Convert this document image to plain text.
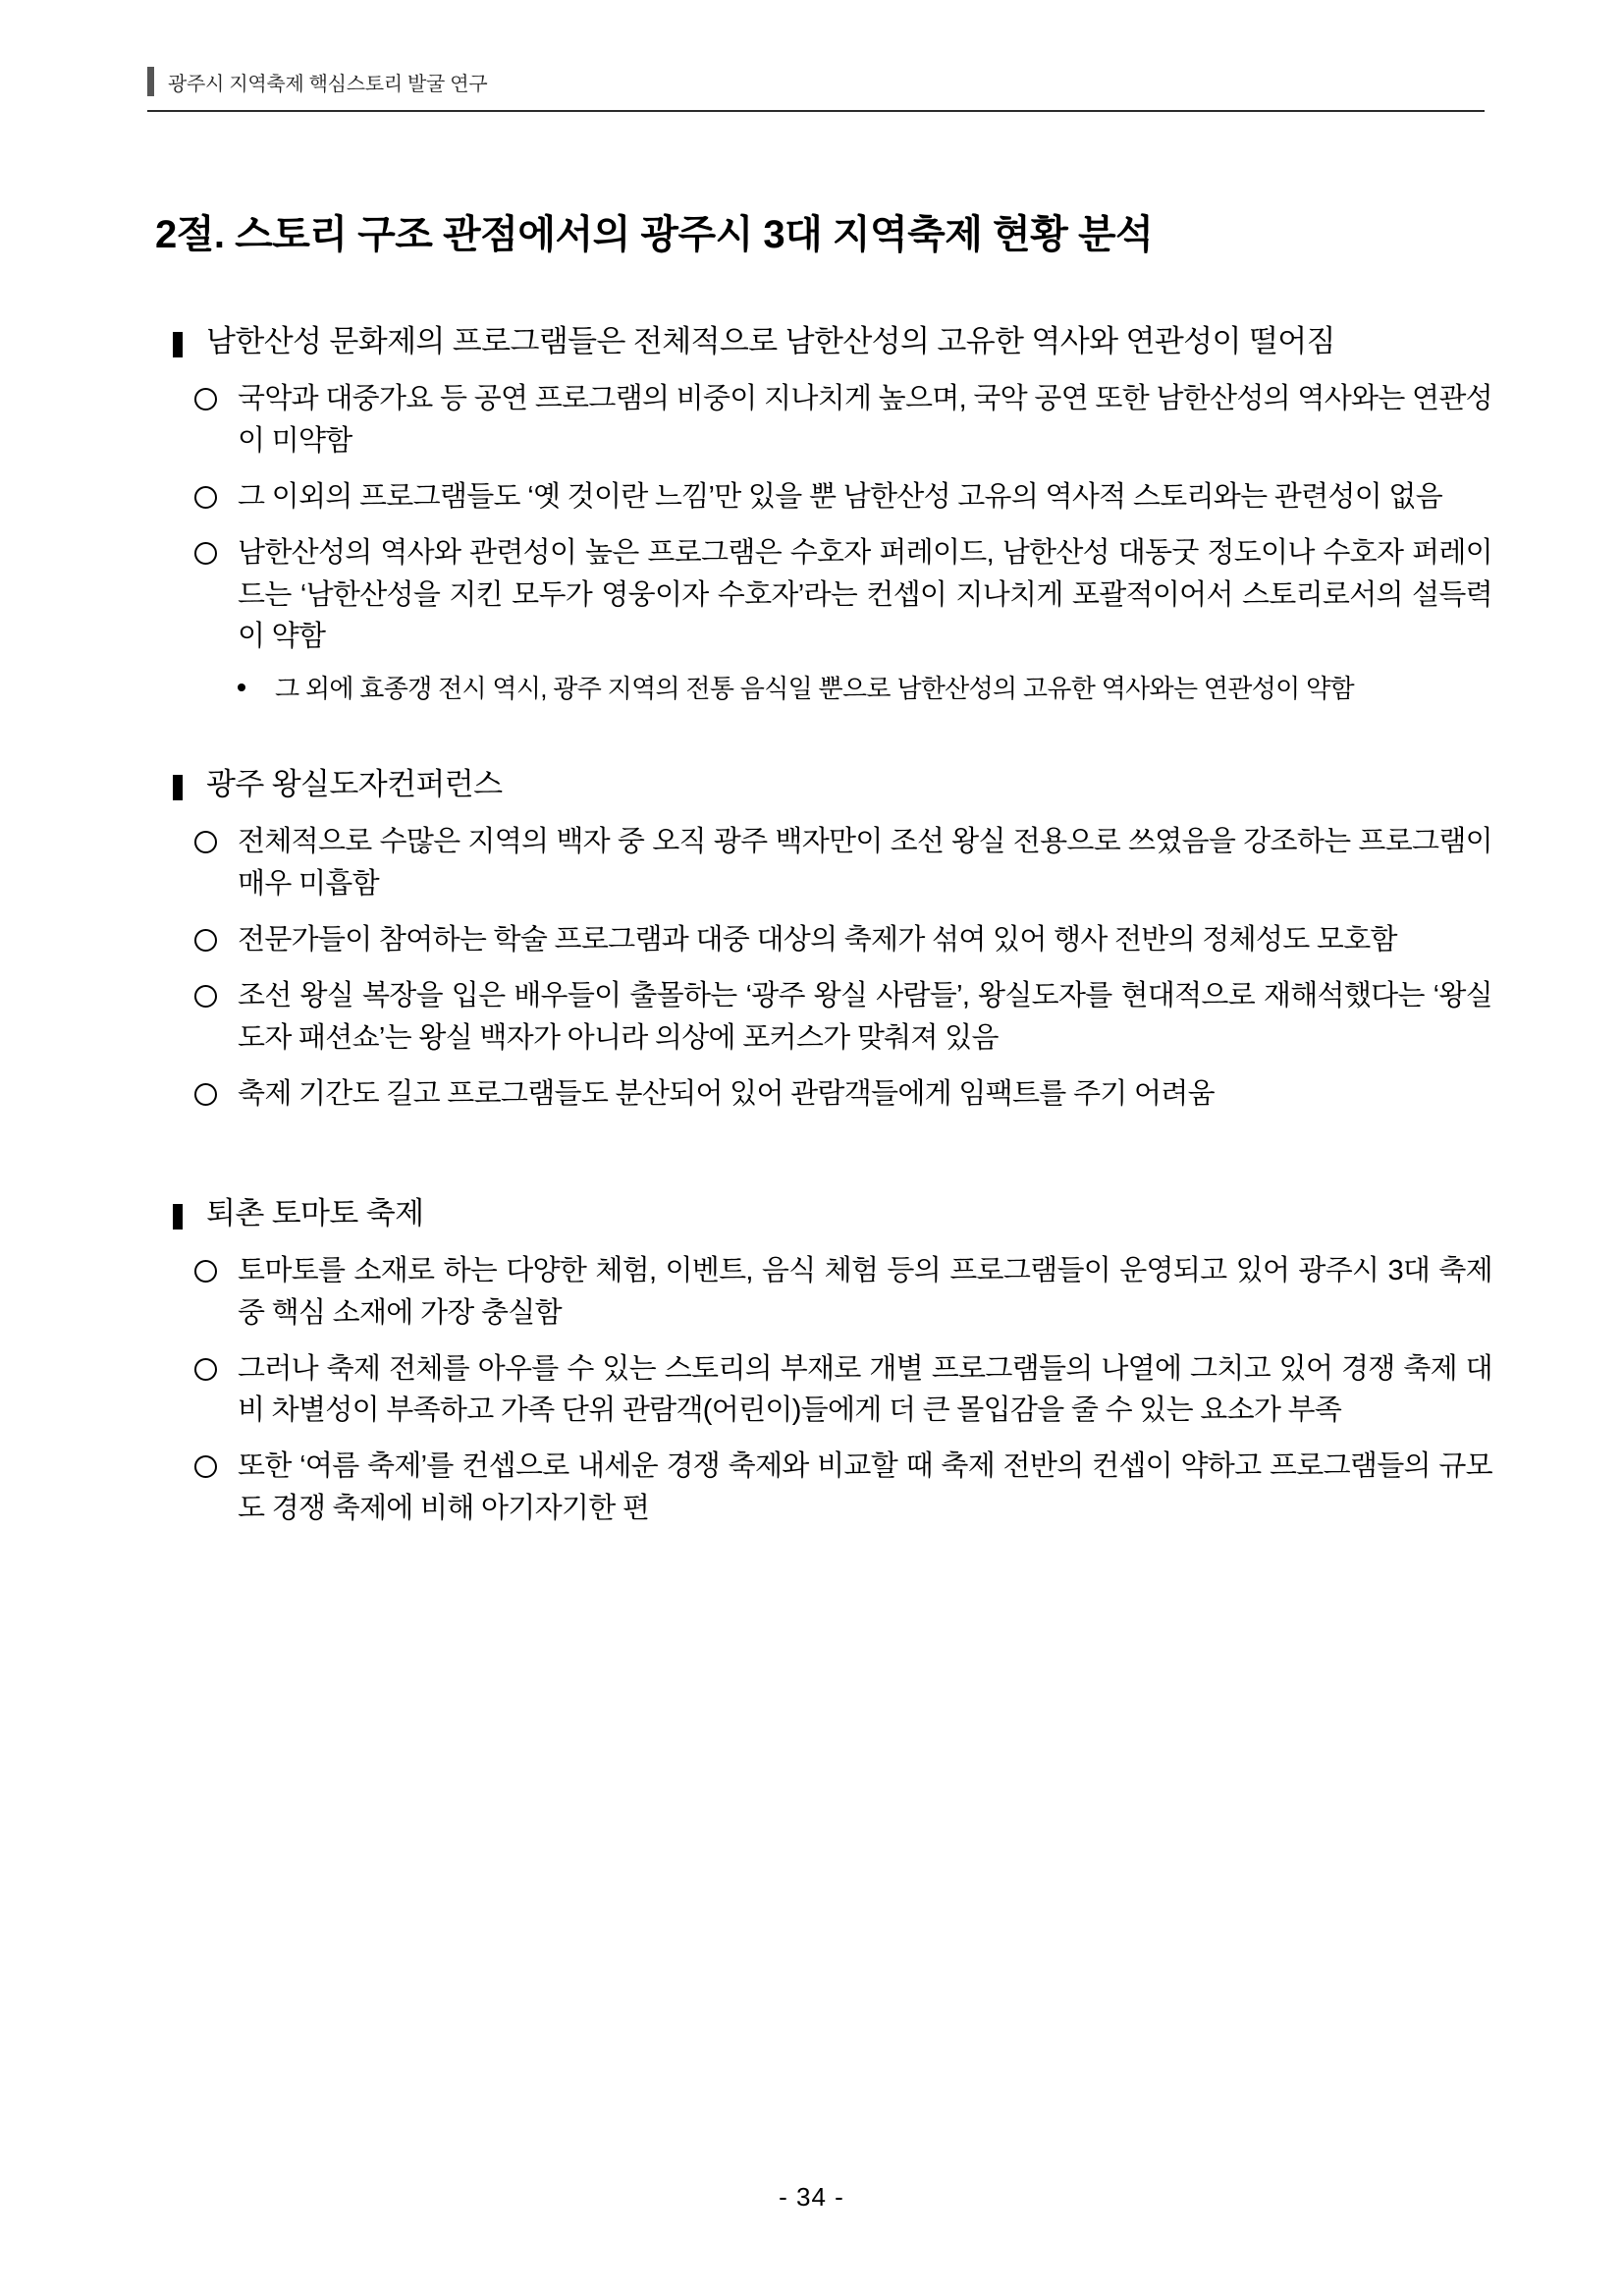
광주시 지역축제 핵심스토리 발굴 연구
2절. 스토리 구조 관점에서의 광주시 3대 지역축제 현황 분석
남한산성 문화제의 프로그램들은 전체적으로 남한산성의 고유한 역사와 연관성이 떨어짐
국악과 대중가요 등 공연 프로그램의 비중이 지나치게 높으며, 국악 공연 또한 남한산성의 역사와는 연관성이 미약함
그 이외의 프로그램들도 ‘옛 것이란 느낌’만 있을 뿐 남한산성 고유의 역사적 스토리와는 관련성이 없음
남한산성의 역사와 관련성이 높은 프로그램은 수호자 퍼레이드, 남한산성 대동굿 정도이나 수호자 퍼레이드는 ‘남한산성을 지킨 모두가 영웅이자 수호자’라는 컨셉이 지나치게 포괄적이어서 스토리로서의 설득력이 약함
그 외에 효종갱 전시 역시, 광주 지역의 전통 음식일 뿐으로 남한산성의 고유한 역사와는 연관성이 약함
광주 왕실도자컨퍼런스
전체적으로 수많은 지역의 백자 중 오직 광주 백자만이 조선 왕실 전용으로 쓰였음을 강조하는 프로그램이 매우 미흡함
전문가들이 참여하는 학술 프로그램과 대중 대상의 축제가 섞여 있어 행사 전반의 정체성도 모호함
조선 왕실 복장을 입은 배우들이 출몰하는 ‘광주 왕실 사람들’, 왕실도자를 현대적으로 재해석했다는 ‘왕실도자 패션쇼’는 왕실 백자가 아니라 의상에 포커스가 맞춰져 있음
축제 기간도 길고 프로그램들도 분산되어 있어 관람객들에게 임팩트를 주기 어려움
퇴촌 토마토 축제
토마토를 소재로 하는 다양한 체험, 이벤트, 음식 체험 등의 프로그램들이 운영되고 있어 광주시 3대 축제 중 핵심 소재에 가장 충실함
그러나 축제 전체를 아우를 수 있는 스토리의 부재로 개별 프로그램들의 나열에 그치고 있어 경쟁 축제 대비 차별성이 부족하고 가족 단위 관람객(어린이)들에게 더 큰 몰입감을 줄 수 있는 요소가 부족
또한 ‘여름 축제’를 컨셉으로 내세운 경쟁 축제와 비교할 때 축제 전반의 컨셉이 약하고 프로그램들의 규모도 경쟁 축제에 비해 아기자기한 편
- 34 -
